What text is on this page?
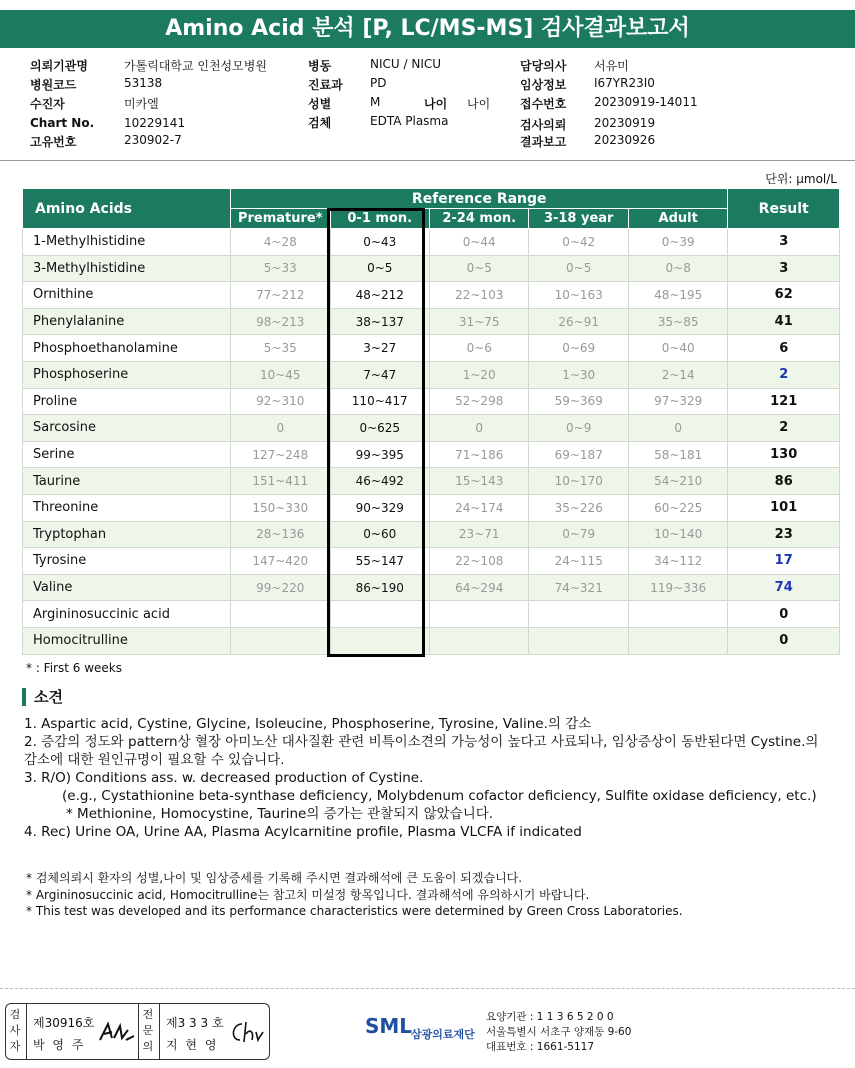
Amino Acid 분석 [P, LC/MS-MS] 검사결과보고서
의뢰기관명	가톨릭대학교 인천성모병원
병원코드	53138
수진자	미카엘
Chart No. 10229141
고유번호	230902-7
병동	NICU / NICU
진료과 PD
성별	M	나이 나이
검체	EDTA Plasma
담당의사 서유미
임상정보 I67YR23I0
접수번호 20230919-14011
검사의뢰 20230919
결과보고 20230926
단위: μmol/L
Amino Acids	Reference Range					Result
	Premature*	0-1 mon.	2-24 mon.	3-18 year	Adult	
1-Methylhistidine	4~28	0~43	0~44	0~42	0~39	3
3-Methylhistidine	5~33	0~5	0~5	0~5	0~8	3
Ornithine	77~212	48~212	22~103	10~163	48~195	62
Phenylalanine	98~213	38~137	31~75	26~91	35~85	41
Phosphoethanolamine	5~35	3~27	0~6	0~69	0~40	6
Phosphoserine	10~45	7~47	1~20	1~30	2~14	2
Proline	92~310	110~417	52~298	59~369	97~329	121
Sarcosine	0	0~625	0	0~9	0	2
Serine	127~248	99~395	71~186	69~187	58~181	130
Taurine	151~411	46~492	15~143	10~170	54~210	86
Threonine	150~330	90~329	24~174	35~226	60~225	101
Tryptophan	28~136	0~60	23~71	0~79	10~140	23
Tyrosine	147~420	55~147	22~108	24~115	34~112	17
Valine	99~220	86~190	64~294	74~321	119~336	74
Argininosuccinic acid						0
Homocitrulline						0
* : First 6 weeks
소견
1. Aspartic acid, Cystine, Glycine, Isoleucine, Phosphoserine, Tyrosine, Valine.의 감소
2. 증감의 정도와 pattern상 혈장 아미노산 대사질환 관련 비특이소견의 가능성이 높다고 사료되나, 임상증상이 동반된다면 Cystine.의
감소에 대한 원인규명이 필요할 수 있습니다.
3. R/O) Conditions ass. w. decreased production of Cystine.
(e.g., Cystathionine beta-synthase deficiency, Molybdenum cofactor deficiency, Sulfite oxidase deficiency, etc.)
* Methionine, Homocystine, Taurine의 증가는 관찰되지 않았습니다.
4. Rec) Urine OA, Urine AA, Plasma Acylcarnitine profile, Plasma VLCFA if indicated
* 검체의뢰시 환자의 성별,나이 및 임상증세를 기록해 주시면 결과해석에 큰 도움이 되겠습니다.
* Argininosuccinic acid, Homocitrulline는 참고치 미설정 항목입니다. 결과해석에 유의하시기 바랍니다.
* This test was developed and its performance characteristics were determined by Green Cross Laboratories.
검사자
제30916호
박 영 주
전문의
제3 3 3 호
지 현 영
SML
삼광의료재단
요양기관 : 1 1 3 6 5 2 0 0
서울특별시 서초구 양재동 9-60
대표번호 : 1661-5117
